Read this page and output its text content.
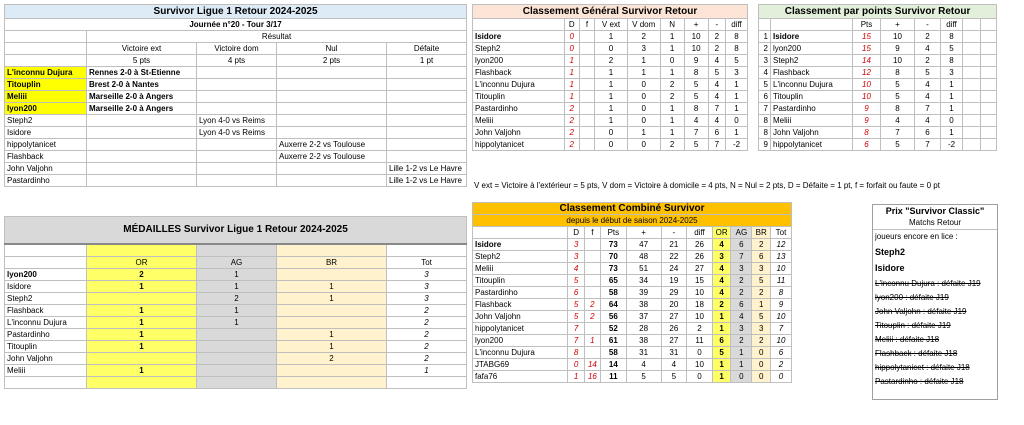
Survivor Ligue 1 Retour 2024-2025				
Journée n°20 - Tour 3/17				
	Résultat			
	Victoire ext	Victoire dom	Nul	Défaite
	5 pts	4 pts	2 pts	1 pt
L'inconnu Dujura	Rennes 2-0 à St-Etienne			
Titouplin	Brest 2-0 à Nantes			
Meliii	Marseille 2-0 à Angers			
lyon200	Marseille 2-0 à Angers			
Steph2		Lyon 4-0 vs Reims		
Isidore		Lyon 4-0 vs Reims		
hippolytanicet			Auxerre 2-2 vs Toulouse	
Flashback			Auxerre 2-2 vs Toulouse	
John Valjohn				Lille 1-2 vs Le Havre
Pastardinho				Lille 1-2 vs Le Havre
MÉDAILLES Survivor Ligue 1 Retour 2024-2025				

	OR	AG	BR	Tot
lyon200	2	1		3
Isidore	1	1	1	3
Steph2		2	1	3
Flashback	1	1		2
L'inconnu Dujura	1	1		2
Pastardinho	1		1	2
Titouplin	1		1	2
John Valjohn			2	2
Meliii	1			1

Classement Général Survivor Retour								
	D	f	V ext	V dom	N	+	-	diff
Isidore	0		1	2	1	10	2	8
Steph2	0		0	3	1	10	2	8
lyon200	1		2	1	0	9	4	5
Flashback	1		1	1	1	8	5	3
L'inconnu Dujura	1		1	0	2	5	4	1
Titouplin	1		1	0	2	5	4	1
Pastardinho	2		1	0	1	8	7	1
Meliii	2		1	0	1	4	4	0
John Valjohn	2		0	1	1	7	6	1
hippolytanicet	2		0	0	2	5	7	-2
Classement par points Survivor Retour							
		Pts	+	-	diff		
1	Isidore	15	10	2	8		
2	lyon200	15	9	4	5		
3	Steph2	14	10	2	8		
4	Flashback	12	8	5	3		
5	L'inconnu Dujura	10	5	4	1		
6	Titouplin	10	5	4	1		
7	Pastardinho	9	8	7	1		
8	Meliii	9	4	4	0		
8	John Valjohn	8	7	6	1		
9	hippolytanicet	6	5	7	-2		
V ext = Victoire à l'extérieur = 5 pts, V dom = Victoire à domicile = 4 pts, N = Nul = 2 pts, D = Défaite = 1 pt, f = forfait ou faute = 0 pt
Classement Combiné Survivor										
depuis le début de saison 2024-2025										
	D	f	Pts	+	-	diff	OR	AG	BR	Tot
Isidore	3		73	47	21	26	4	6	2	12
Steph2	3		70	48	22	26	3	7	6	13
Meliii	4		73	51	24	27	4	3	3	10
Titouplin	5		65	34	19	15	4	2	5	11
Pastardinho	6		58	39	29	10	4	2	2	8
Flashback	5	2	64	38	20	18	2	6	1	9
John Valjohn	5	2	56	37	27	10	1	4	5	10
hippolytanicet	7		52	28	26	2	1	3	3	7
lyon200	7	1	61	38	27	11	6	2	2	10
L'inconnu Dujura	8		58	31	31	0	5	1	0	6
JTABG69	0	14	14	4	4	10	1	1	0	2
fafa76	1	16	11	5	5	0	1	0	0	0
Prix "Survivor Classic"
Matchs Retour
joueurs encore en lice :
Steph2
Isidore
L'inconnu Dujura : défaite J19
lyon200 : défaite J19
John Valjohn : défaite J19
Titouplin : défaite J19
Meliii : défaite J18
Flashback : défaite J18
hippolytanicet : défaite J18
Pastardinho : défaite J18
